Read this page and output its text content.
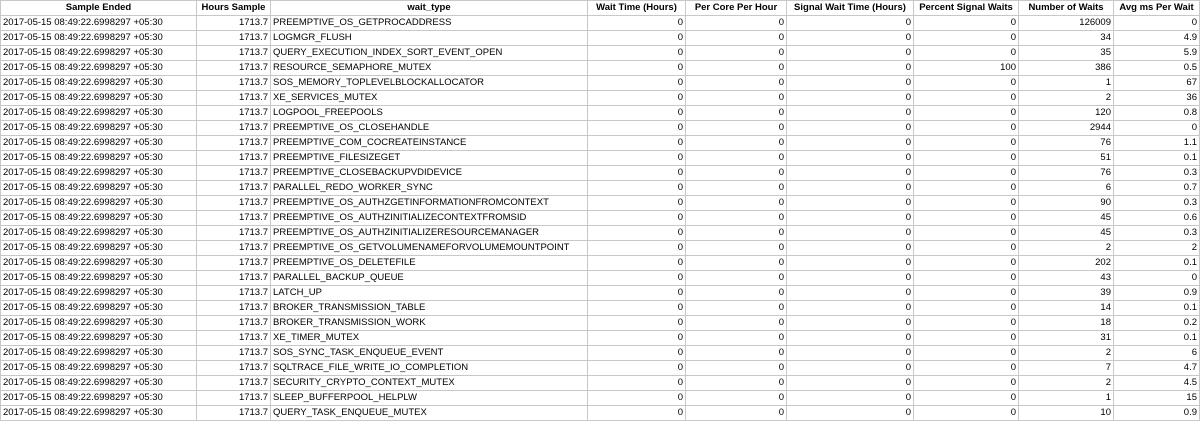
Sample Ended	Hours Sample	wait_type	Wait Time (Hours)	Per Core Per Hour	Signal Wait Time (Hours)	Percent Signal Waits	Number of Waits	Avg ms Per Wait
2017-05-15 08:49:22.6998297 +05:30	1713.7	PREEMPTIVE_OS_GETPROCADDRESS	0	0	0	0	126009	0
2017-05-15 08:49:22.6998297 +05:30	1713.7	LOGMGR_FLUSH	0	0	0	0	34	4.9
2017-05-15 08:49:22.6998297 +05:30	1713.7	QUERY_EXECUTION_INDEX_SORT_EVENT_OPEN	0	0	0	0	35	5.9
2017-05-15 08:49:22.6998297 +05:30	1713.7	RESOURCE_SEMAPHORE_MUTEX	0	0	0	100	386	0.5
2017-05-15 08:49:22.6998297 +05:30	1713.7	SOS_MEMORY_TOPLEVELBLOCKALLOCATOR	0	0	0	0	1	67
2017-05-15 08:49:22.6998297 +05:30	1713.7	XE_SERVICES_MUTEX	0	0	0	0	2	36
2017-05-15 08:49:22.6998297 +05:30	1713.7	LOGPOOL_FREEPOOLS	0	0	0	0	120	0.8
2017-05-15 08:49:22.6998297 +05:30	1713.7	PREEMPTIVE_OS_CLOSEHANDLE	0	0	0	0	2944	0
2017-05-15 08:49:22.6998297 +05:30	1713.7	PREEMPTIVE_COM_COCREATEINSTANCE	0	0	0	0	76	1.1
2017-05-15 08:49:22.6998297 +05:30	1713.7	PREEMPTIVE_FILESIZEGET	0	0	0	0	51	0.1
2017-05-15 08:49:22.6998297 +05:30	1713.7	PREEMPTIVE_CLOSEBACKUPVDIDEVICE	0	0	0	0	76	0.3
2017-05-15 08:49:22.6998297 +05:30	1713.7	PARALLEL_REDO_WORKER_SYNC	0	0	0	0	6	0.7
2017-05-15 08:49:22.6998297 +05:30	1713.7	PREEMPTIVE_OS_AUTHZGETINFORMATIONFROMCONTEXT	0	0	0	0	90	0.3
2017-05-15 08:49:22.6998297 +05:30	1713.7	PREEMPTIVE_OS_AUTHZINITIALIZECONTEXTFROMSID	0	0	0	0	45	0.6
2017-05-15 08:49:22.6998297 +05:30	1713.7	PREEMPTIVE_OS_AUTHZINITIALIZERESOURCEMANAGER	0	0	0	0	45	0.3
2017-05-15 08:49:22.6998297 +05:30	1713.7	PREEMPTIVE_OS_GETVOLUMENAMEFORVOLUMEMOUNTPOINT	0	0	0	0	2	2
2017-05-15 08:49:22.6998297 +05:30	1713.7	PREEMPTIVE_OS_DELETEFILE	0	0	0	0	202	0.1
2017-05-15 08:49:22.6998297 +05:30	1713.7	PARALLEL_BACKUP_QUEUE	0	0	0	0	43	0
2017-05-15 08:49:22.6998297 +05:30	1713.7	LATCH_UP	0	0	0	0	39	0.9
2017-05-15 08:49:22.6998297 +05:30	1713.7	BROKER_TRANSMISSION_TABLE	0	0	0	0	14	0.1
2017-05-15 08:49:22.6998297 +05:30	1713.7	BROKER_TRANSMISSION_WORK	0	0	0	0	18	0.2
2017-05-15 08:49:22.6998297 +05:30	1713.7	XE_TIMER_MUTEX	0	0	0	0	31	0.1
2017-05-15 08:49:22.6998297 +05:30	1713.7	SOS_SYNC_TASK_ENQUEUE_EVENT	0	0	0	0	2	6
2017-05-15 08:49:22.6998297 +05:30	1713.7	SQLTRACE_FILE_WRITE_IO_COMPLETION	0	0	0	0	7	4.7
2017-05-15 08:49:22.6998297 +05:30	1713.7	SECURITY_CRYPTO_CONTEXT_MUTEX	0	0	0	0	2	4.5
2017-05-15 08:49:22.6998297 +05:30	1713.7	SLEEP_BUFFERPOOL_HELPLW	0	0	0	0	1	15
2017-05-15 08:49:22.6998297 +05:30	1713.7	QUERY_TASK_ENQUEUE_MUTEX	0	0	0	0	10	0.9
